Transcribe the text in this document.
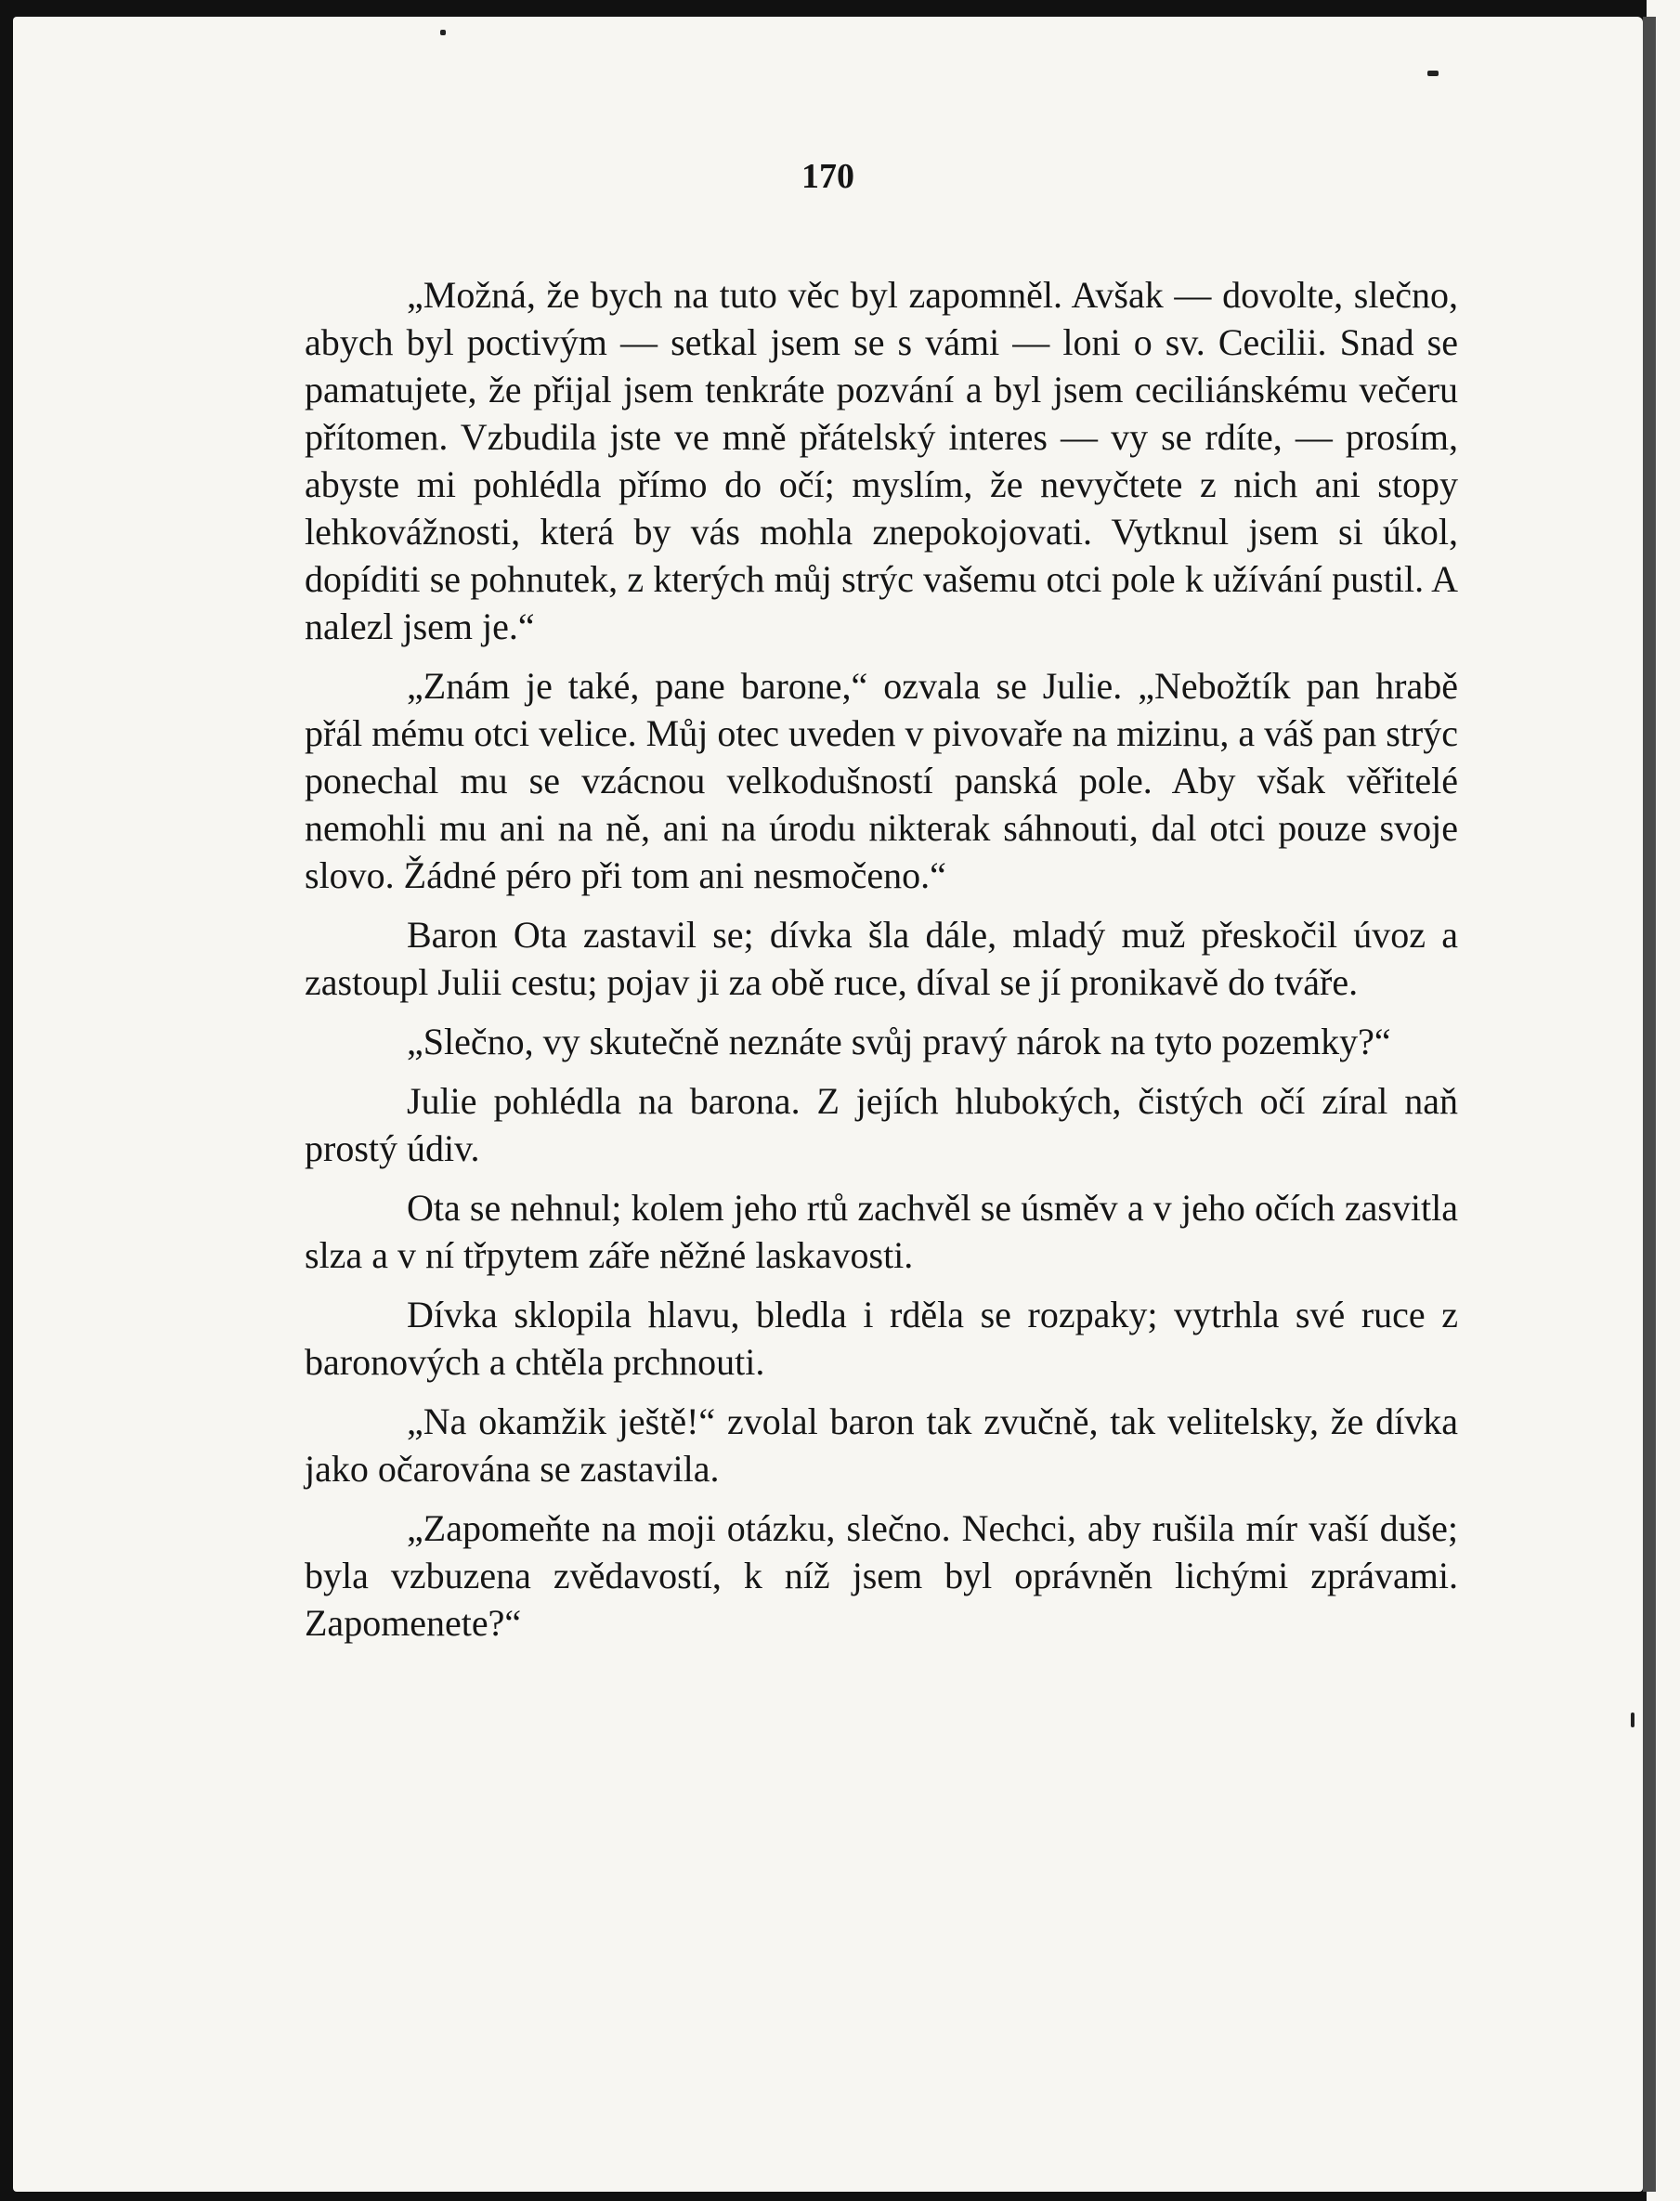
170

„Možná, že bych na tuto věc byl zapomněl. Avšak — dovolte, slečno, abych byl poctivým — setkal jsem se s vámi — loni o sv. Cecilii. Snad se pamatujete, že přijal jsem tenkráte pozvání a byl jsem ceciliánskému večeru přítomen. Vzbudila jste ve mně přátelský interes — vy se rdíte, — prosím, abyste mi pohlédla přímo do očí; myslím, že nevyčtete z nich ani stopy lehkovážnosti, která by vás mohla znepokojovati. Vytknul jsem si úkol, dopíditi se pohnutek, z kterých můj strýc vašemu otci pole k užívání pustil. A nalezl jsem je.“

„Znám je také, pane barone,“ ozvala se Julie. „Nebožtík pan hrabě přál mému otci velice. Můj otec uveden v pivovaře na mizinu, a váš pan strýc ponechal mu se vzácnou velkodušností panská pole. Aby však věřitelé nemohli mu ani na ně, ani na úrodu nikterak sáhnouti, dal otci pouze svoje slovo. Žádné péro při tom ani nesmočeno.“

Baron Ota zastavil se; dívka šla dále, mladý muž přeskočil úvoz a zastoupl Julii cestu; pojav ji za obě ruce, díval se jí pronikavě do tváře.

„Slečno, vy skutečně neznáte svůj pravý nárok na tyto pozemky?“

Julie pohlédla na barona. Z jejích hlubokých, čistých očí zíral naň prostý údiv.

Ota se nehnul; kolem jeho rtů zachvěl se úsměv a v jeho očích zasvitla slza a v ní třpytem záře něžné laskavosti.

Dívka sklopila hlavu, bledla i rděla se rozpaky; vytrhla své ruce z baronových a chtěla prchnouti.

„Na okamžik ještě!“ zvolal baron tak zvučně, tak velitelsky, že dívka jako očarována se zastavila.

„Zapomeňte na moji otázku, slečno. Nechci, aby rušila mír vaší duše; byla vzbuzena zvědavostí, k níž jsem byl oprávněn lichými zprávami. Zapomenete?“
